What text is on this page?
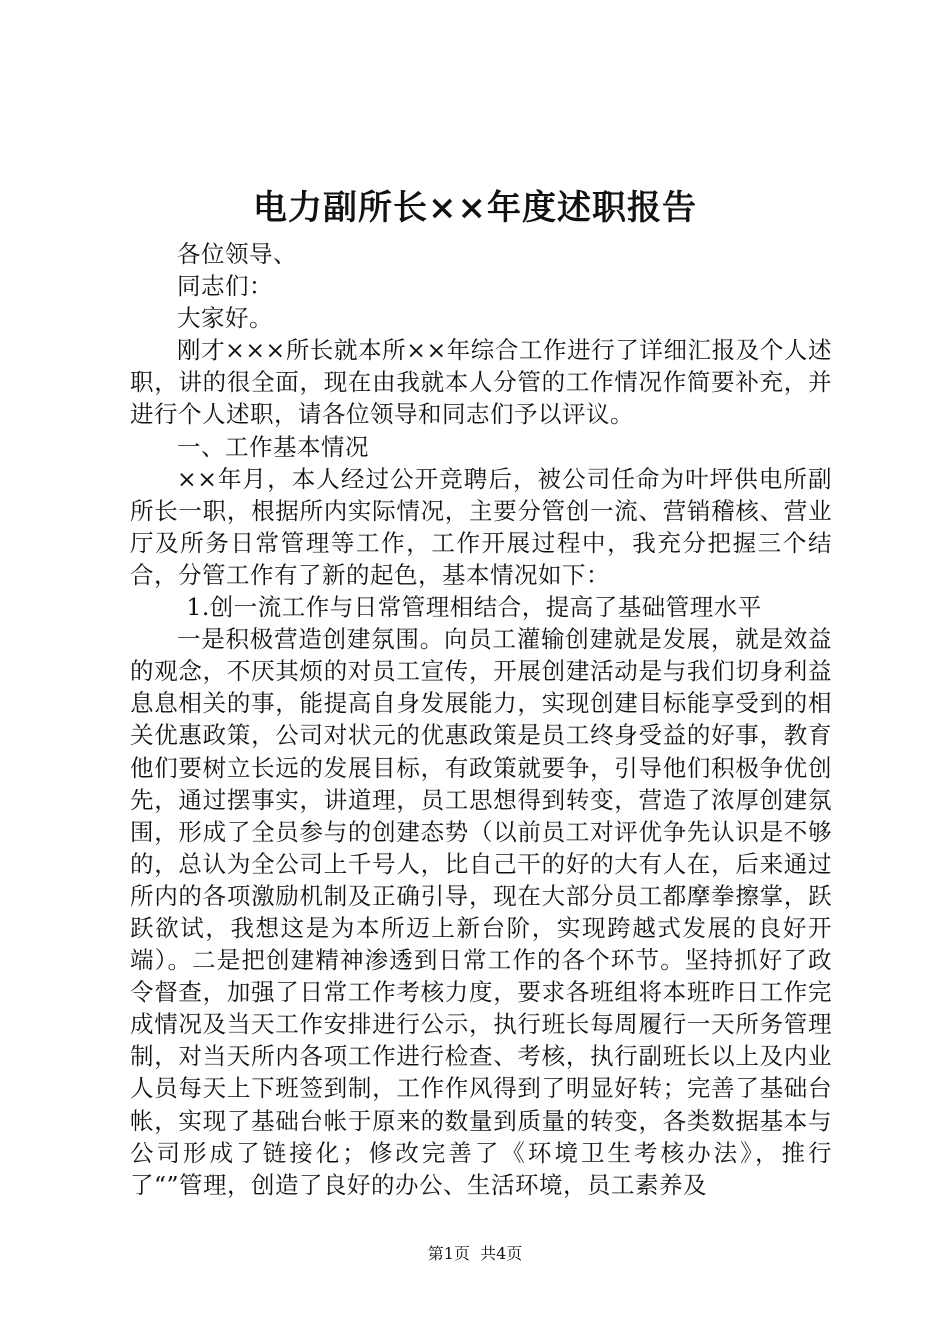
电力副所长××年度述职报告

各位领导、

同志们：

大家好。

刚才×××所长就本所××年综合工作进行了详细汇报及个人述职，讲的很全面，现在由我就本人分管的工作情况作简要补充，并进行个人述职，请各位领导和同志们予以评议。

一、工作基本情况

××年月，本人经过公开竞聘后，被公司任命为叶坪供电所副所长一职，根据所内实际情况，主要分管创一流、营销稽核、营业厅及所务日常管理等工作，工作开展过程中，我充分把握三个结合，分管工作有了新的起色，基本情况如下：

1.创一流工作与日常管理相结合，提高了基础管理水平

一是积极营造创建氛围。向员工灌输创建就是发展，就是效益的观念，不厌其烦的对员工宣传，开展创建活动是与我们切身利益息息相关的事，能提高自身发展能力，实现创建目标能享受到的相关优惠政策，公司对状元的优惠政策是员工终身受益的好事，教育他们要树立长远的发展目标，有政策就要争，引导他们积极争优创先，通过摆事实，讲道理，员工思想得到转变，营造了浓厚创建氛围，形成了全员参与的创建态势（以前员工对评优争先认识是不够的，总认为全公司上千号人，比自己干的好的大有人在，后来通过所内的各项激励机制及正确引导，现在大部分员工都摩拳擦掌，跃跃欲试，我想这是为本所迈上新台阶，实现跨越式发展的良好开端）。二是把创建精神渗透到日常工作的各个环节。坚持抓好了政令督查，加强了日常工作考核力度，要求各班组将本班昨日工作完成情况及当天工作安排进行公示，执行班长每周履行一天所务管理制，对当天所内各项工作进行检查、考核，执行副班长以上及内业人员每天上下班签到制，工作作风得到了明显好转；完善了基础台帐，实现了基础台帐于原来的数量到质量的转变，各类数据基本与公司形成了链接化；修改完善了《环境卫生考核办法》，推行了“”管理，创造了良好的办公、生活环境，员工素养及

第1页 共4页
